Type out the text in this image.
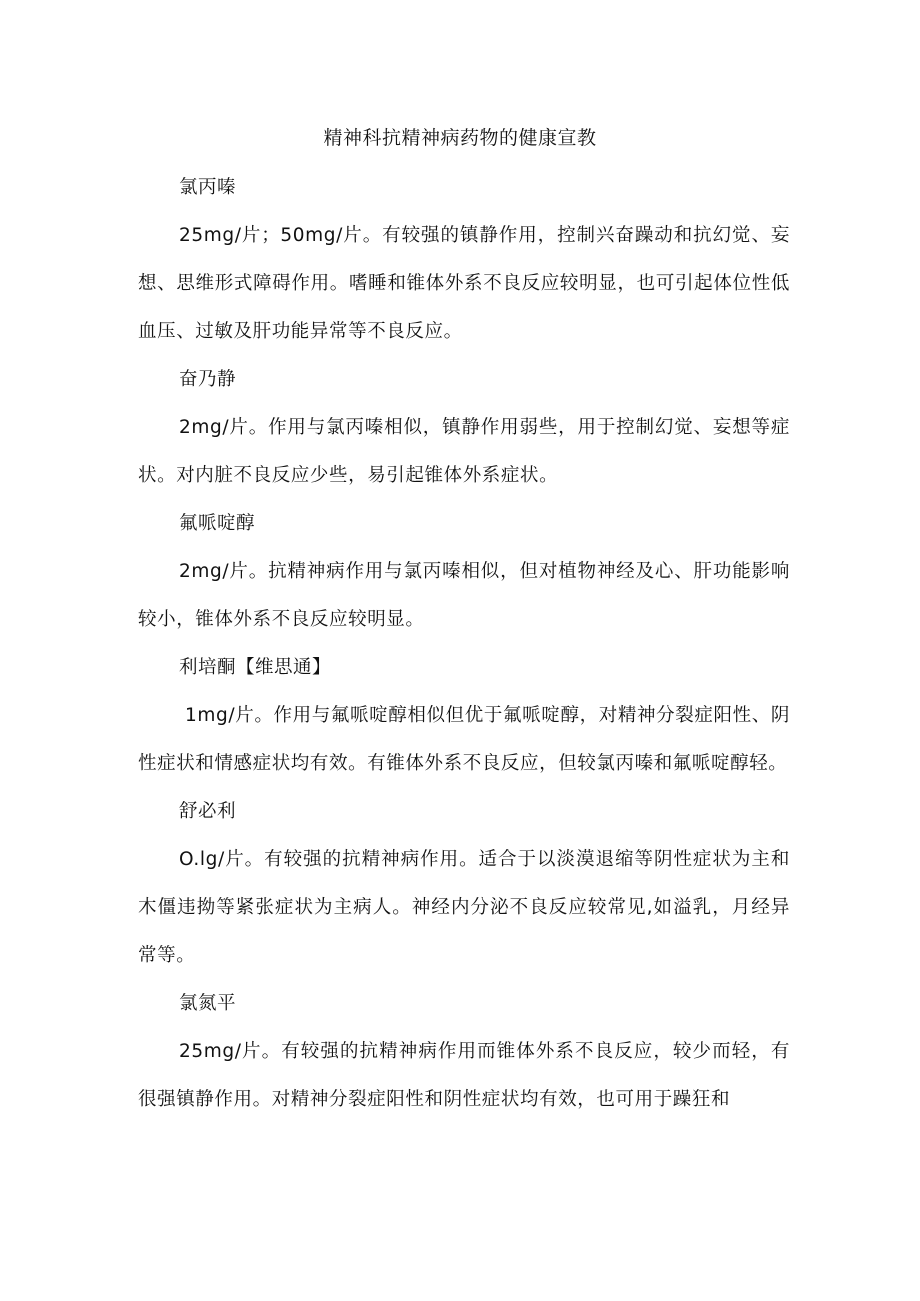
精神科抗精神病药物的健康宣教

氯丙嗪

25mg∕片；50mg∕片。有较强的镇静作用，控制兴奋躁动和抗幻觉、妄想、思维形式障碍作用。嗜睡和锥体外系不良反应较明显，也可引起体位性低血压、过敏及肝功能异常等不良反应。

奋乃静

2mg∕片。作用与氯丙嗪相似，镇静作用弱些，用于控制幻觉、妄想等症状。对内脏不良反应少些，易引起锥体外系症状。

氟哌啶醇

2mg∕片。抗精神病作用与氯丙嗪相似，但对植物神经及心、肝功能影响较小，锥体外系不良反应较明显。

利培酮【维思通】

1mg∕片。作用与氟哌啶醇相似但优于氟哌啶醇，对精神分裂症阳性、阴性症状和情感症状均有效。有锥体外系不良反应，但较氯丙嗪和氟哌啶醇轻。

舒必利

O.lg∕片。有较强的抗精神病作用。适合于以淡漠退缩等阴性症状为主和木僵违拗等紧张症状为主病人。神经内分泌不良反应较常见,如溢乳，月经异常等。

氯氮平

25mg∕片。有较强的抗精神病作用而锥体外系不良反应，较少而轻，有很强镇静作用。对精神分裂症阳性和阴性症状均有效，也可用于躁狂和
